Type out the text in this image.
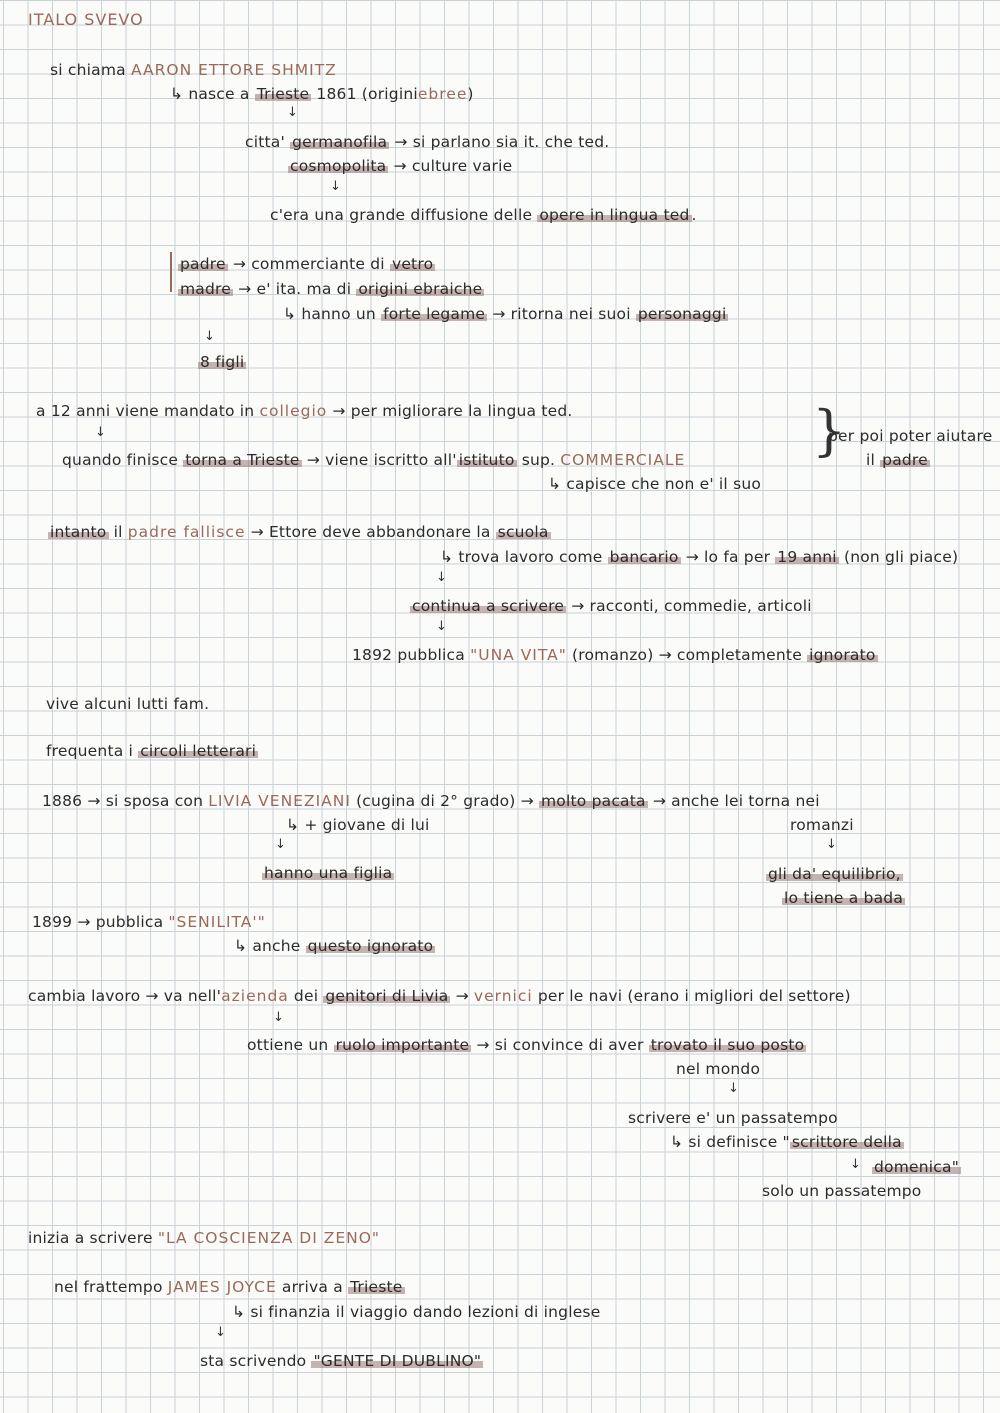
ITALO SVEVO
si chiama AARON ETTORE SHMITZ
↳ nasce a Trieste 1861 (originiebree)
↓
citta' germanofila → si parlano sia it. che ted.
cosmopolita → culture varie
↓
c'era una grande diffusione delle opere in lingua ted .
padre → commerciante di vetro
madre → e' ita. ma di origini ebraiche
↳ hanno un forte legame → ritorna nei suoi personaggi
↓
8 figli
a 12 anni viene mandato in collegio → per migliorare la lingua ted.
↓
quando finisce torna a Trieste → viene iscritto all' istituto sup. COMMERCIALE }
per poi poter aiutare
il padre
↳ capisce che non e' il suo
intanto il padre fallisce → Ettore deve abbandonare la scuola
↳ trova lavoro come bancario → lo fa per 19 anni (non gli piace)
↓
continua a scrivere → racconti, commedie, articoli
↓
1892 pubblica "UNA VITA" (romanzo) → completamente ignorato
vive alcuni lutti fam.
frequenta i circoli letterari
1886 → si sposa con LIVIA VENEZIANI (cugina di 2° grado) → molto pacata → anche lei torna nei
romanzi
↳ + giovane di lui
↓	↓
hanno una figlia	gli da' equilibrio,
lo tiene a bada
1899 → pubblica "SENILITA'"
↳ anche questo ignorato
cambia lavoro → va nell'azienda dei genitori di Livia → vernici per le navi (erano i migliori del settore)
↓
ottiene un ruolo importante → si convince di aver trovato il suo posto
nel mondo
↓
scrivere e' un passatempo
↳ si definisce " scrittore della
↓ domenica"
solo un passatempo
inizia a scrivere "LA COSCIENZA DI ZENO"
nel frattempo JAMES JOYCE arriva a Trieste
↳ si finanzia il viaggio dando lezioni di inglese
↓
sta scrivendo "GENTE DI DUBLINO"
